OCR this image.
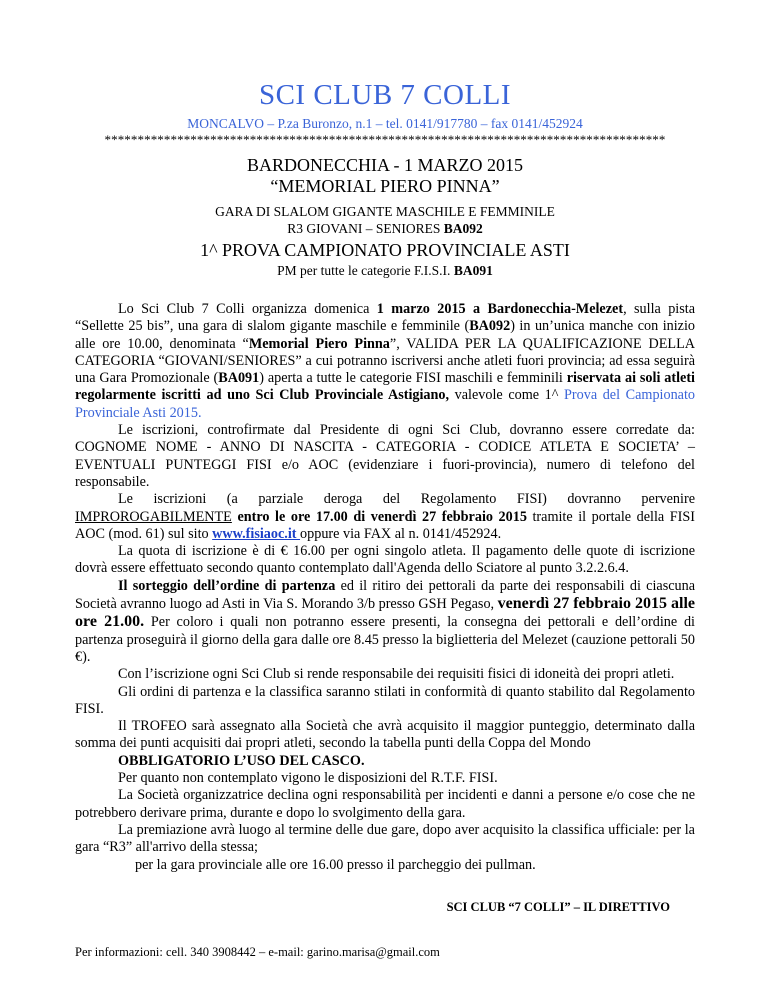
SCI CLUB 7 COLLI
MONCALVO – P.za Buronzo, n.1 – tel. 0141/917780 – fax 0141/452924
*************************************************************************************
BARDONECCHIA - 1 MARZO 2015
“MEMORIAL PIERO PINNA”
GARA DI SLALOM GIGANTE MASCHILE E FEMMINILE
R3 GIOVANI – SENIORES BA092
1^ PROVA CAMPIONATO PROVINCIALE ASTI
PM per tutte le categorie F.I.S.I. BA091

Lo Sci Club 7 Colli organizza domenica 1 marzo 2015 a Bardonecchia-Melezet, sulla pista “Sellette 25 bis”, una gara di slalom gigante maschile e femminile (BA092) in un’unica manche con inizio alle ore 10.00, denominata “Memorial Piero Pinna”, VALIDA PER LA QUALIFICAZIONE DELLA CATEGORIA “GIOVANI/SENIORES” a cui potranno iscriversi anche atleti fuori provincia; ad essa seguirà una Gara Promozionale (BA091) aperta a tutte le categorie FISI maschili e femminili riservata ai soli atleti regolarmente iscritti ad uno Sci Club Provinciale Astigiano, valevole come 1^ Prova del Campionato Provinciale Asti 2015.

Le iscrizioni, controfirmate dal Presidente di ogni Sci Club, dovranno essere corredate da: COGNOME NOME - ANNO DI NASCITA - CATEGORIA - CODICE ATLETA E SOCIETA’ – EVENTUALI PUNTEGGI FISI e/o AOC (evidenziare i fuori-provincia), numero di telefono del responsabile.

Le iscrizioni (a parziale deroga del Regolamento FISI) dovranno pervenire IMPROROGABILMENTE entro le ore 17.00 di venerdì 27 febbraio 2015 tramite il portale della FISI AOC (mod. 61) sul sito www.fisiaoc.it oppure via FAX al n. 0141/452924.

La quota di iscrizione è di € 16.00 per ogni singolo atleta. Il pagamento delle quote di iscrizione dovrà essere effettuato secondo quanto contemplato dall'Agenda dello Sciatore al punto 3.2.2.6.4.

Il sorteggio dell’ordine di partenza ed il ritiro dei pettorali da parte dei responsabili di ciascuna Società avranno luogo ad Asti in Via S. Morando 3/b presso GSH Pegaso, venerdì 27 febbraio 2015 alle ore 21.00. Per coloro i quali non potranno essere presenti, la consegna dei pettorali e dell’ordine di partenza proseguirà il giorno della gara dalle ore 8.45 presso la biglietteria del Melezet (cauzione pettorali 50 €).

Con l’iscrizione ogni Sci Club si rende responsabile dei requisiti fisici di idoneità dei propri atleti.

Gli ordini di partenza e la classifica saranno stilati in conformità di quanto stabilito dal Regolamento FISI.

Il TROFEO sarà assegnato alla Società che avrà acquisito il maggior punteggio, determinato dalla somma dei punti acquisiti dai propri atleti, secondo la tabella punti della Coppa del Mondo

OBBLIGATORIO L’USO DEL CASCO.

Per quanto non contemplato vigono le disposizioni del R.T.F. FISI.

La Società organizzatrice declina ogni responsabilità per incidenti e danni a persone e/o cose che ne potrebbero derivare prima, durante e dopo lo svolgimento della gara.

La premiazione avrà luogo al termine delle due gare, dopo aver acquisito la classifica ufficiale: per la gara “R3” all'arrivo della stessa;

per la gara provinciale alle ore 16.00 presso il parcheggio dei pullman.

SCI CLUB “7 COLLI” – IL DIRETTIVO
Per informazioni: cell. 340 3908442 – e-mail: garino.marisa@gmail.com
